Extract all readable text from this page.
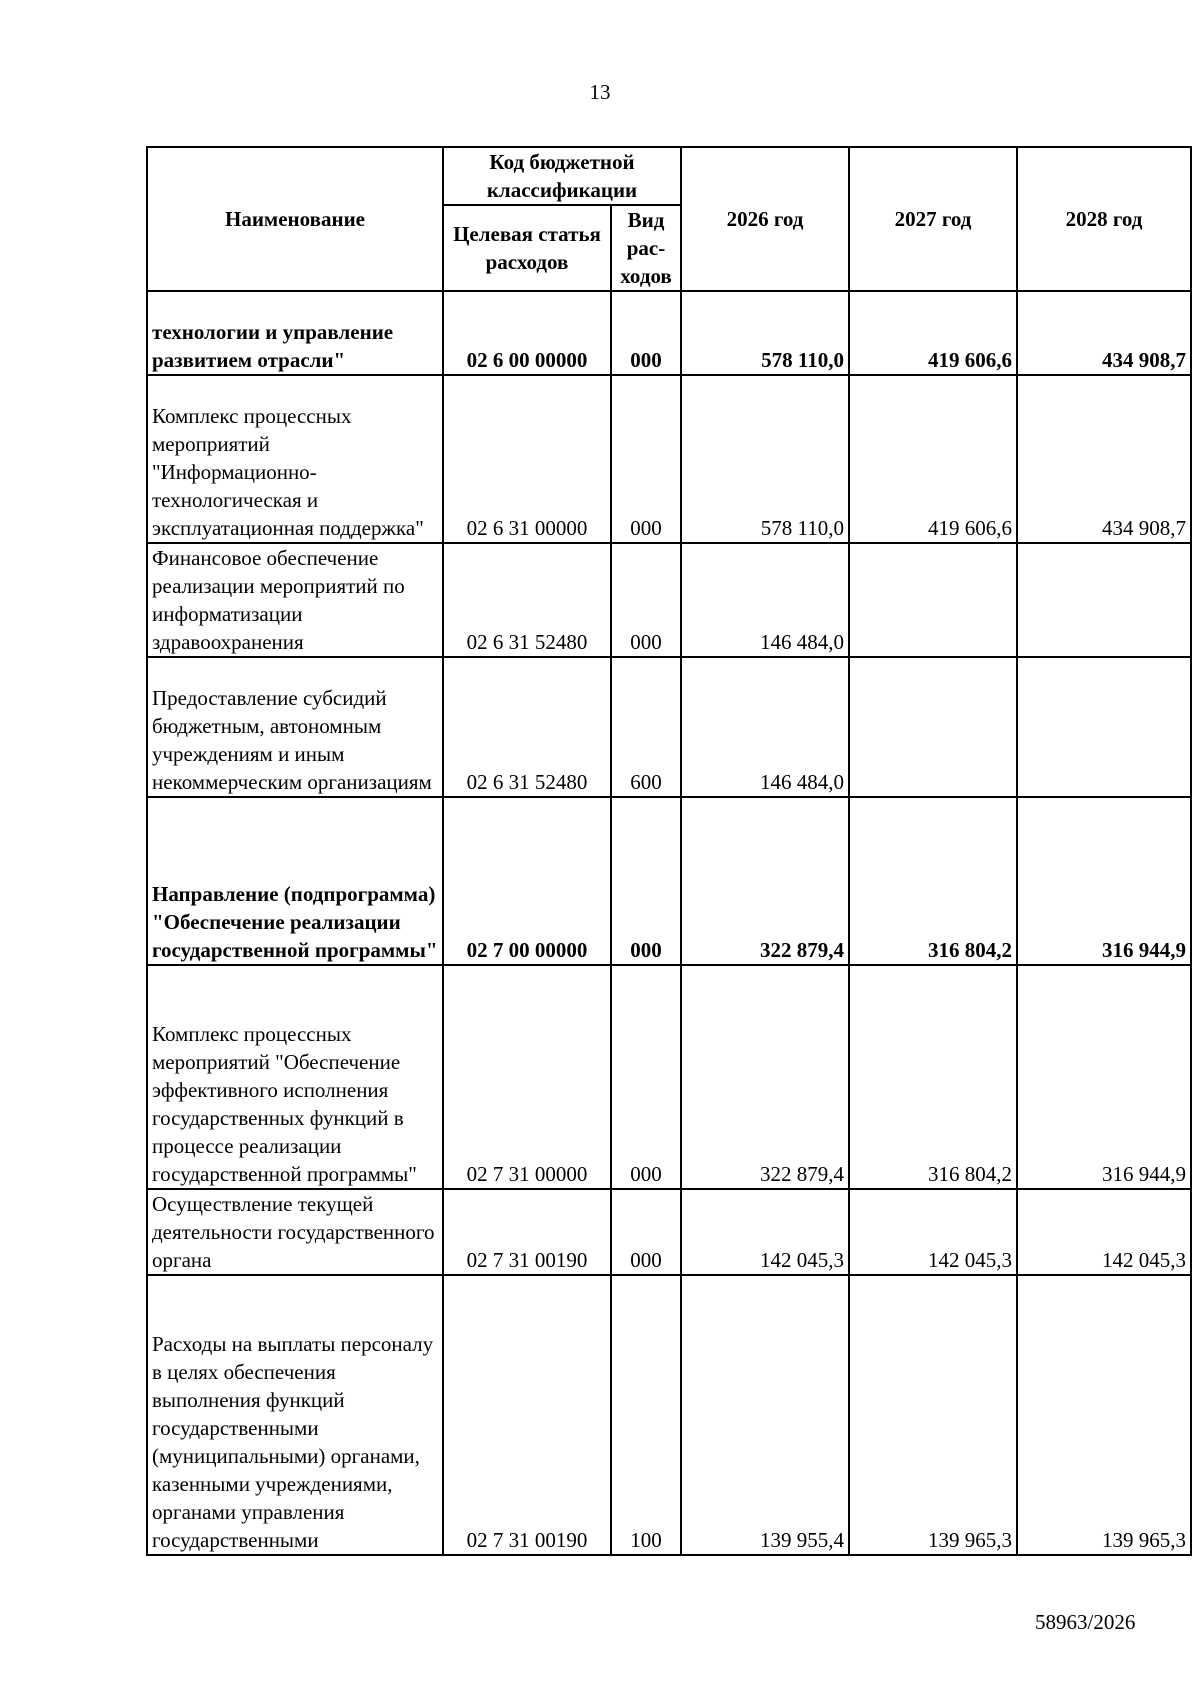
13
Наименование	Код бюджетной классификации		2026 год	2027 год	2028 год
	Целевая статья расходов	Вид рас-ходов			
технологии и управление развитием отрасли"	02 6 00 00000	000	578 110,0	419 606,6	434 908,7
Комплекс процессных мероприятий "Информационно-технологическая и эксплуатационная поддержка"	02 6 31 00000	000	578 110,0	419 606,6	434 908,7
Финансовое обеспечение реализации мероприятий по информатизации здравоохранения	02 6 31 52480	000	146 484,0		
Предоставление субсидий бюджетным, автономным учреждениям и иным некоммерческим организациям	02 6 31 52480	600	146 484,0		
Направление (подпрограмма) "Обеспечение реализации государственной программы"	02 7 00 00000	000	322 879,4	316 804,2	316 944,9
Комплекс процессных мероприятий "Обеспечение эффективного исполнения государственных функций в процессе реализации государственной программы"	02 7 31 00000	000	322 879,4	316 804,2	316 944,9
Осуществление текущей деятельности государственного органа	02 7 31 00190	000	142 045,3	142 045,3	142 045,3
Расходы на выплаты персоналу в целях обеспечения выполнения функций государственными (муниципальными) органами, казенными учреждениями, органами управления государственными	02 7 31 00190	100	139 955,4	139 965,3	139 965,3
58963/2026
